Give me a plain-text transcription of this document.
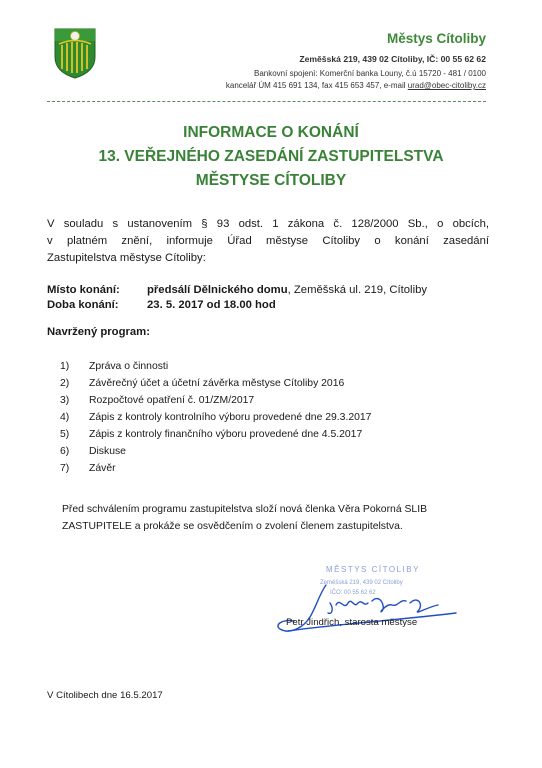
Městys Cítoliby
Zeměšská 219, 439 02 Cítoliby, IČ: 00 55 62 62
Bankovní spojení: Komerční banka Louny, č.ú 15720 - 481 / 0100
kancelář ÚM 415 691 134, fax 415 653 457, e-mail urad@obec-citoliby.cz
INFORMACE O KONÁNÍ
13. VEŘEJNÉHO ZASEDÁNÍ ZASTUPITELSTVA
MĚSTYSE CÍTOLIBY
V souladu s ustanovením § 93 odst. 1 zákona č. 128/2000 Sb., o obcích,
v platném znění, informuje Úřad městyse Cítoliby o konání zasedání
Zastupitelstva městyse Cítoliby:
Místo konání: předsálí Dělnického domu, Zeměšská ul. 219, Cítoliby
Doba konání:	23. 5. 2017 od 18.00 hod
Navržený program:
1)	Zpráva o činnosti
2)	Závěrečný účet a účetní závěrka městyse Cítoliby 2016
3)	Rozpočtové opatření č. 01/ZM/2017
4)	Zápis z kontroly kontrolního výboru provedené dne 29.3.2017
5)	Zápis z kontroly finančního výboru provedené dne 4.5.2017
6)	Diskuse
7)	Závěr
Před schválením programu zastupitelstva složí nová členka Věra Pokorná SLIB
ZASTUPITELE a prokáže se osvědčením o zvolení členem zastupitelstva.
MĚSTYS CÍTOLIBY
Zeměšská 219, 439 02 Cítoliby
IČO: 00 55 62 62
Petr Jindřich, starosta městyse
V Cítolibech dne 16.5.2017
